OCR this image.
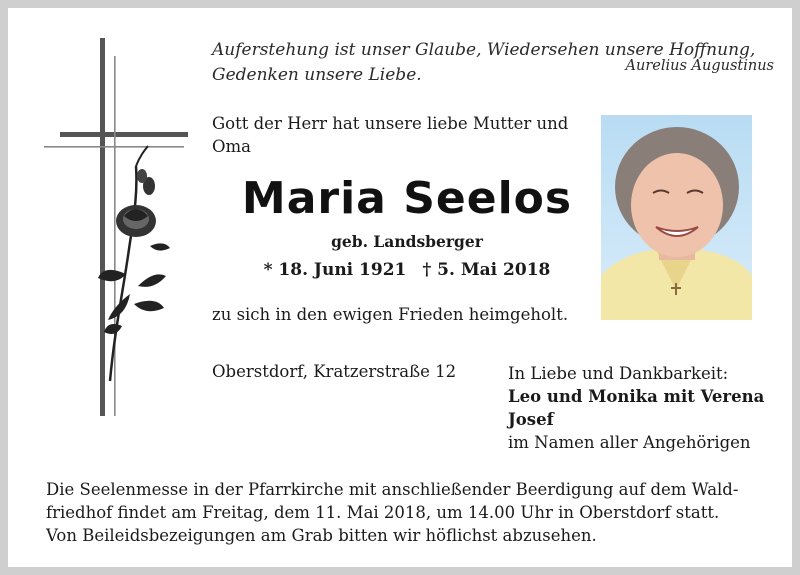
Auferstehung ist unser Glaube, Wiedersehen unsere Hoffnung,
Gedenken unsere Liebe.	Aurelius Augustinus
Gott der Herr hat unsere liebe Mutter und
Oma
Maria Seelos
geb. Landsberger
* 18. Juni 1921 † 5. Mai 2018
zu sich in den ewigen Frieden heimgeholt.
Oberstdorf, Kratzerstraße 12	In Liebe und Dankbarkeit:
Leo und Monika mit Verena
Josef
im Namen aller Angehörigen
Die Seelenmesse in der Pfarrkirche mit anschließender Beerdigung auf dem Wald-
friedhof findet am Freitag, dem 11. Mai 2018, um 14.00 Uhr in Oberstdorf statt.
Von Beileidsbezeigungen am Grab bitten wir höflichst abzusehen.
